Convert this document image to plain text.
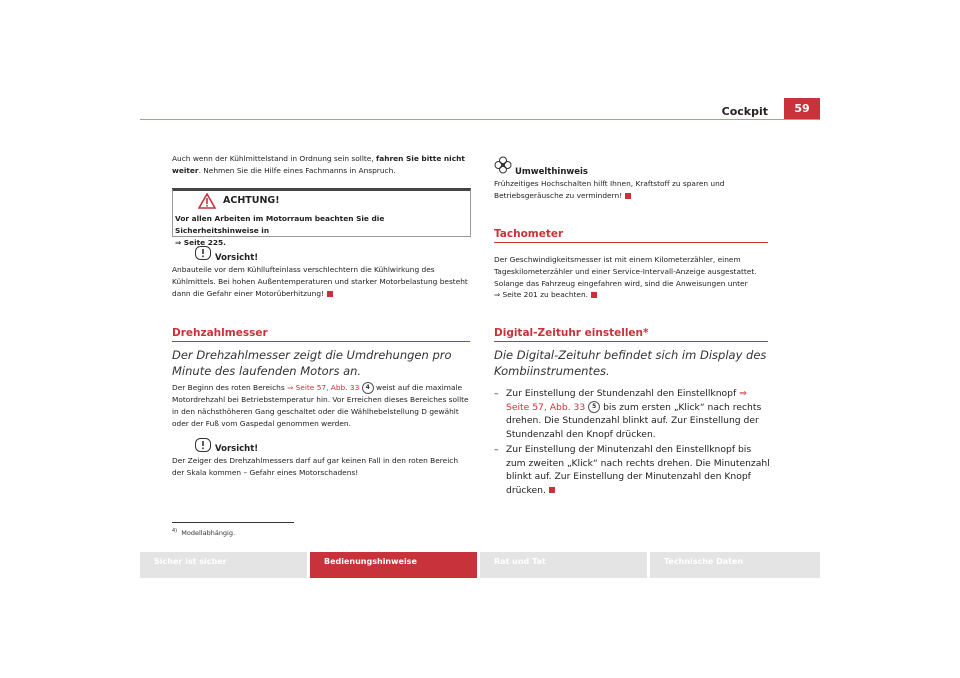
Cockpit	59
Auch wenn der Kühlmittelstand in Ordnung sein sollte, fahren Sie bitte nicht weiter. Nehmen Sie die Hilfe eines Fachmanns in Anspruch.
ACHTUNG!
Vor allen Arbeiten im Motorraum beachten Sie die Sicherheitshinweise in
⇒ Seite 225.
Vorsicht!
Anbauteile vor dem Kühllufteinlass verschlechtern die Kühlwirkung des Kühlmittels. Bei hohen Außentemperaturen und starker Motorbelastung besteht dann die Gefahr einer Motorüberhitzung!
Drehzahlmesser
Der Drehzahlmesser zeigt die Umdrehungen pro Minute des laufenden Motors an.
Der Beginn des roten Bereichs ⇒ Seite 57, Abb. 33 4 weist auf die maximale Motordrehzahl bei Betriebstemperatur hin. Vor Erreichen dieses Bereiches sollte in den nächsthöheren Gang geschaltet oder die Wählhebelstellung D gewählt oder der Fuß vom Gaspedal genommen werden.
Vorsicht!
Der Zeiger des Drehzahlmessers darf auf gar keinen Fall in den roten Bereich der Skala kommen – Gefahr eines Motorschadens!
$^{4)}$ Modellabhängig.
Umwelthinweis
Frühzeitiges Hochschalten hilft Ihnen, Kraftstoff zu sparen und Betriebsgeräusche zu vermindern!
Tachometer
Der Geschwindigkeitsmesser ist mit einem Kilometerzähler, einem Tageskilometerzähler und einer Service-Intervall-Anzeige ausgestattet.
Solange das Fahrzeug eingefahren wird, sind die Anweisungen unter
⇒ Seite 201 zu beachten.
Digital-Zeituhr einstellen*
Die Digital-Zeituhr befindet sich im Display des Kombiinstrumentes.
– Zur Einstellung der Stundenzahl den Einstellknopf ⇒ Seite 57, Abb. 33 5 bis zum ersten „Klick“ nach rechts drehen. Die Stundenzahl blinkt auf. Zur Einstellung der Stundenzahl den Knopf drücken.
– Zur Einstellung der Minutenzahl den Einstellknopf bis zum zweiten „Klick“ nach rechts drehen. Die Minutenzahl blinkt auf. Zur Einstellung der Minutenzahl den Knopf drücken.
Sicher ist sicher	Bedienungshinweise	Rat und Tat	Technische Daten
